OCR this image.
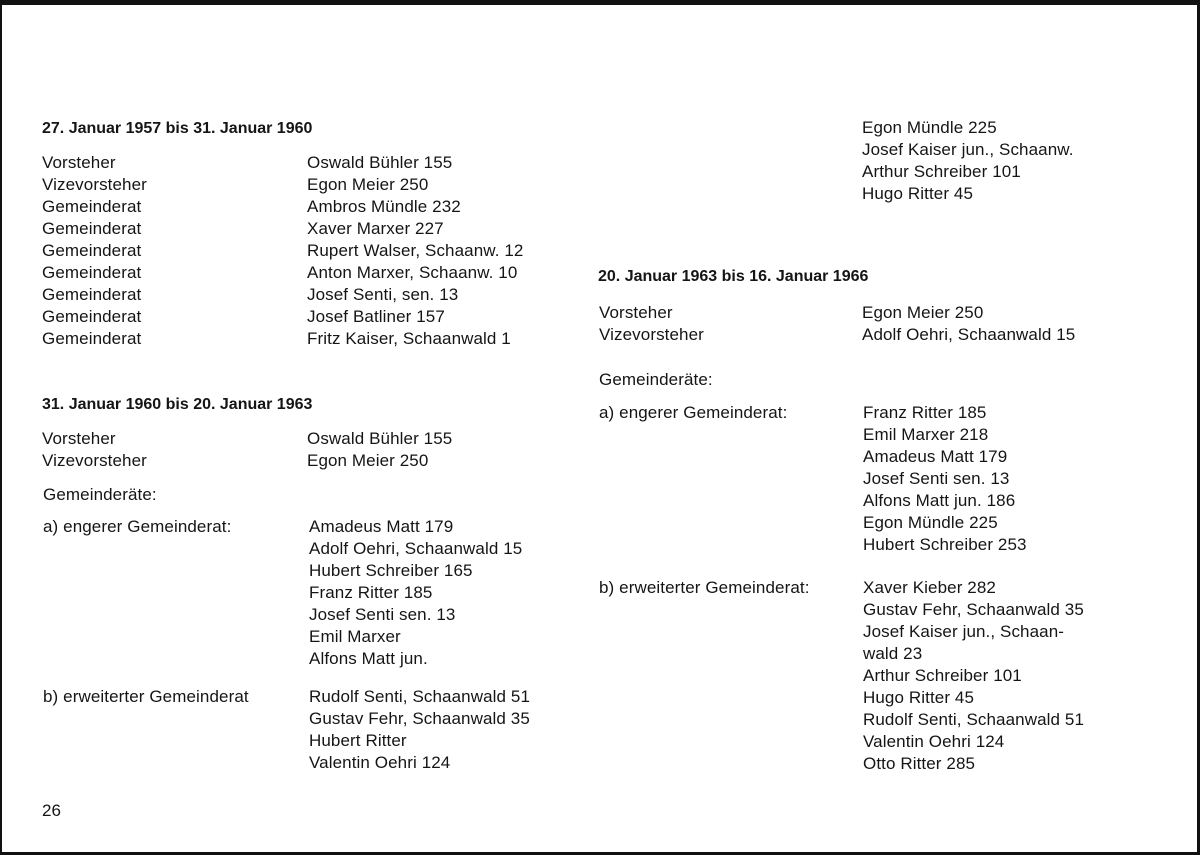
27. Januar 1957 bis 31. Januar 1960
Vorsteher	Oswald Bühler 155
Vizevorsteher	Egon Meier 250
Gemeinderat	Ambros Mündle 232
Gemeinderat	Xaver Marxer 227
Gemeinderat	Rupert Walser, Schaanw. 12
Gemeinderat	Anton Marxer, Schaanw. 10
Gemeinderat	Josef Senti, sen. 13
Gemeinderat	Josef Batliner 157
Gemeinderat	Fritz Kaiser, Schaanwald 1
31. Januar 1960 bis 20. Januar 1963
Vorsteher	Oswald Bühler 155
Vizevorsteher	Egon Meier 250
Gemeinderäte:
a) engerer Gemeinderat:	Amadeus Matt 179
Adolf Oehri, Schaanwald 15
Hubert Schreiber 165
Franz Ritter 185
Josef Senti sen. 13
Emil Marxer
Alfons Matt jun.
b) erweiterter Gemeinderat	Rudolf Senti, Schaanwald 51
Gustav Fehr, Schaanwald 35
Hubert Ritter
Valentin Oehri 124
Egon Mündle 225
Josef Kaiser jun., Schaanw.
Arthur Schreiber 101
Hugo Ritter 45
20. Januar 1963 bis 16. Januar 1966
Vorsteher	Egon Meier 250
Vizevorsteher	Adolf Oehri, Schaanwald 15
Gemeinderäte:
a) engerer Gemeinderat:	Franz Ritter 185
Emil Marxer 218
Amadeus Matt 179
Josef Senti sen. 13
Alfons Matt jun. 186
Egon Mündle 225
Hubert Schreiber 253
b) erweiterter Gemeinderat:	Xaver Kieber 282
Gustav Fehr, Schaanwald 35
Josef Kaiser jun., Schaan-
wald 23
Arthur Schreiber 101
Hugo Ritter 45
Rudolf Senti, Schaanwald 51
Valentin Oehri 124
Otto Ritter 285
26
